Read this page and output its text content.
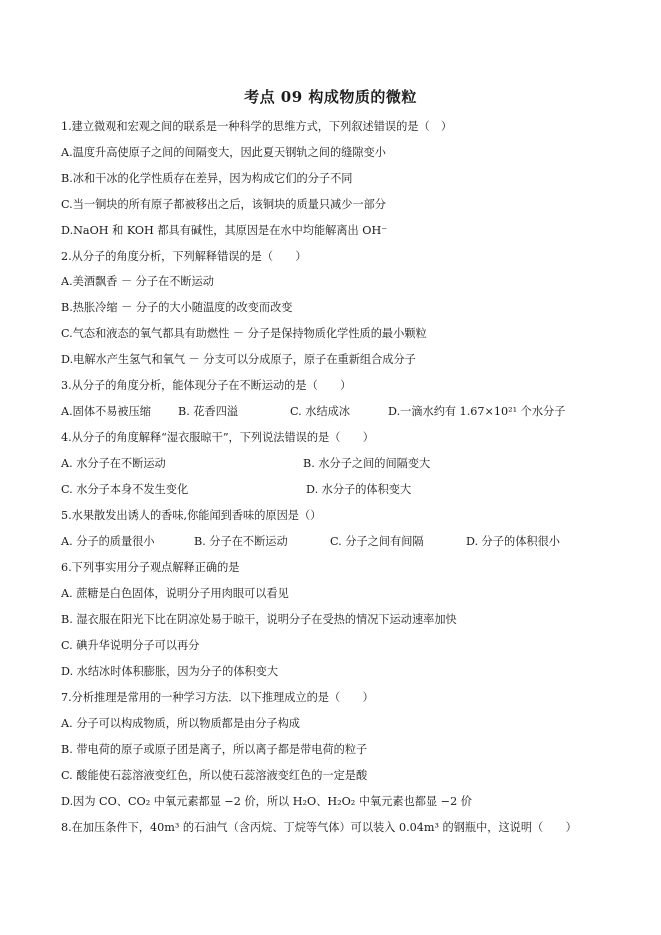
考点 09 构成物质的微粒
1.建立微观和宏观之间的联系是一种科学的思维方式，下列叙述错误的是（　）
A.温度升高使原子之间的间隔变大，因此夏天钢轨之间的缝隙变小
B.冰和干冰的化学性质存在差异，因为构成它们的分子不同
C.当一铜块的所有原子都被移出之后，该铜块的质量只减少一部分
D.NaOH 和 KOH 都具有碱性，其原因是在水中均能解离出 OH⁻
2.从分子的角度分析，下列解释错误的是（　　）
A.美酒飘香 － 分子在不断运动
B.热胀冷缩 － 分子的大小随温度的改变而改变
C.气态和液态的氧气都具有助燃性 － 分子是保持物质化学性质的最小颗粒
D.电解水产生氢气和氧气 － 分支可以分成原子，原子在重新组合成分子
3.从分子的角度分析，能体现分子在不断运动的是（　　）
A.固体不易被压缩 B. 花香四溢	C. 水结成冰	D.一滴水约有 1.67×10²¹ 个水分子
4.从分子的角度解释“湿衣服晾干”，下列说法错误的是（　　）
A. 水分子在不断运动	B. 水分子之间的间隔变大
C. 水分子本身不发生变化	D. 水分子的体积变大
5.水果散发出诱人的香味,你能闻到香味的原因是（）
A. 分子的质量很小	B. 分子在不断运动	C. 分子之间有间隔	D. 分子的体积很小
6.下列事实用分子观点解释正确的是
A. 蔗糖是白色固体，说明分子用肉眼可以看见
B. 湿衣服在阳光下比在阴凉处易于晾干，说明分子在受热的情况下运动速率加快
C. 碘升华说明分子可以再分
D. 水结冰时体积膨胀，因为分子的体积变大
7.分析推理是常用的一种学习方法．以下推理成立的是（　　）
A. 分子可以构成物质，所以物质都是由分子构成
B. 带电荷的原子或原子团是离子，所以离子都是带电荷的粒子
C. 酸能使石蕊溶液变红色，所以使石蕊溶液变红色的一定是酸
D.因为 CO、CO₂ 中氧元素都显 −2 价，所以 H₂O、H₂O₂ 中氧元素也都显 −2 价
8.在加压条件下，40m³ 的石油气（含丙烷、丁烷等气体）可以装入 0.04m³ 的钢瓶中，这说明（　　）
